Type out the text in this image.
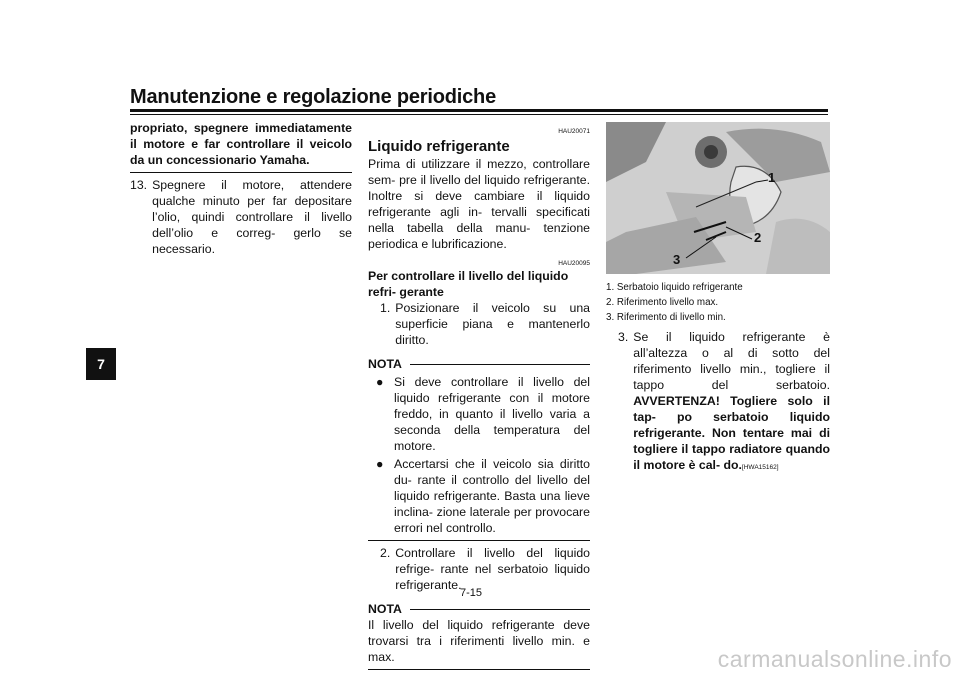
Manutenzione e regolazione periodiche
7
propriato, spegnere immediatamente il motore e far controllare il veicolo da un concessionario Yamaha.
13. Spegnere il motore, attendere qualche minuto per far depositare l’olio, quindi controllare il livello dell’olio e correg- gerlo se necessario.
HAU20071
Liquido refrigerante
Prima di utilizzare il mezzo, controllare sem- pre il livello del liquido refrigerante. Inoltre si deve cambiare il liquido refrigerante agli in- tervalli specificati nella tabella della manu- tenzione periodica e lubrificazione.
HAU20095
Per controllare il livello del liquido refri- gerante
1. Posizionare il veicolo su una superficie piana e mantenerlo diritto.
NOTA
● Si deve controllare il livello del liquido refrigerante con il motore freddo, in quanto il livello varia a seconda della temperatura del motore.
● Accertarsi che il veicolo sia diritto du- rante il controllo del livello del liquido refrigerante. Basta una lieve inclina- zione laterale per provocare errori nel controllo.
2. Controllare il livello del liquido refrige- rante nel serbatoio liquido refrigerante.
NOTA
Il livello del liquido refrigerante deve trovarsi tra i riferimenti livello min. e max.
1
2
3
1. Serbatoio liquido refrigerante
2. Riferimento livello max.
3. Riferimento di livello min.
3. Se il liquido refrigerante è all’altezza o al di sotto del riferimento livello min., togliere il tappo del serbatoio. AVVERTENZA! Togliere solo il tap- po serbatoio liquido refrigerante. Non tentare mai di togliere il tappo radiatore quando il motore è cal- do.[HWA15162]
7-15
carmanualsonline.info
